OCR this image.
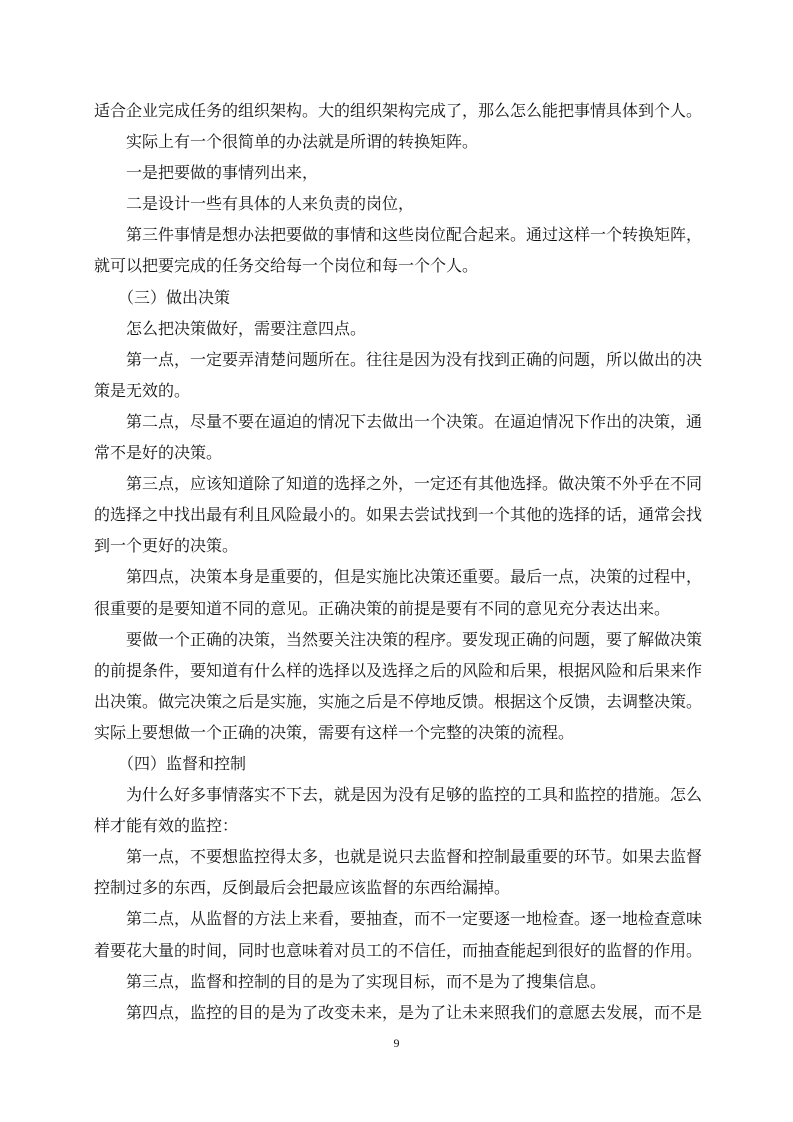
适合企业完成任务的组织架构。大的组织架构完成了，那么怎么能把事情具体到个人。

实际上有一个很简单的办法就是所谓的转换矩阵。

一是把要做的事情列出来，

二是设计一些有具体的人来负责的岗位，

第三件事情是想办法把要做的事情和这些岗位配合起来。通过这样一个转换矩阵，就可以把要完成的任务交给每一个岗位和每一个个人。

（三）做出决策

怎么把决策做好，需要注意四点。

第一点，一定要弄清楚问题所在。往往是因为没有找到正确的问题，所以做出的决策是无效的。

第二点，尽量不要在逼迫的情况下去做出一个决策。在逼迫情况下作出的决策，通常不是好的决策。

第三点，应该知道除了知道的选择之外，一定还有其他选择。做决策不外乎在不同的选择之中找出最有利且风险最小的。如果去尝试找到一个其他的选择的话，通常会找到一个更好的决策。

第四点，决策本身是重要的，但是实施比决策还重要。最后一点，决策的过程中，很重要的是要知道不同的意见。正确决策的前提是要有不同的意见充分表达出来。

要做一个正确的决策，当然要关注决策的程序。要发现正确的问题，要了解做决策的前提条件，要知道有什么样的选择以及选择之后的风险和后果，根据风险和后果来作出决策。做完决策之后是实施，实施之后是不停地反馈。根据这个反馈，去调整决策。实际上要想做一个正确的决策，需要有这样一个完整的决策的流程。

（四）监督和控制

为什么好多事情落实不下去，就是因为没有足够的监控的工具和监控的措施。怎么样才能有效的监控：

第一点，不要想监控得太多，也就是说只去监督和控制最重要的环节。如果去监督控制过多的东西，反倒最后会把最应该监督的东西给漏掉。

第二点，从监督的方法上来看，要抽查，而不一定要逐一地检查。逐一地检查意味着要花大量的时间，同时也意味着对员工的不信任，而抽查能起到很好的监督的作用。

第三点，监督和控制的目的是为了实现目标，而不是为了搜集信息。

第四点，监控的目的是为了改变未来，是为了让未来照我们的意愿去发展，而不是

9
